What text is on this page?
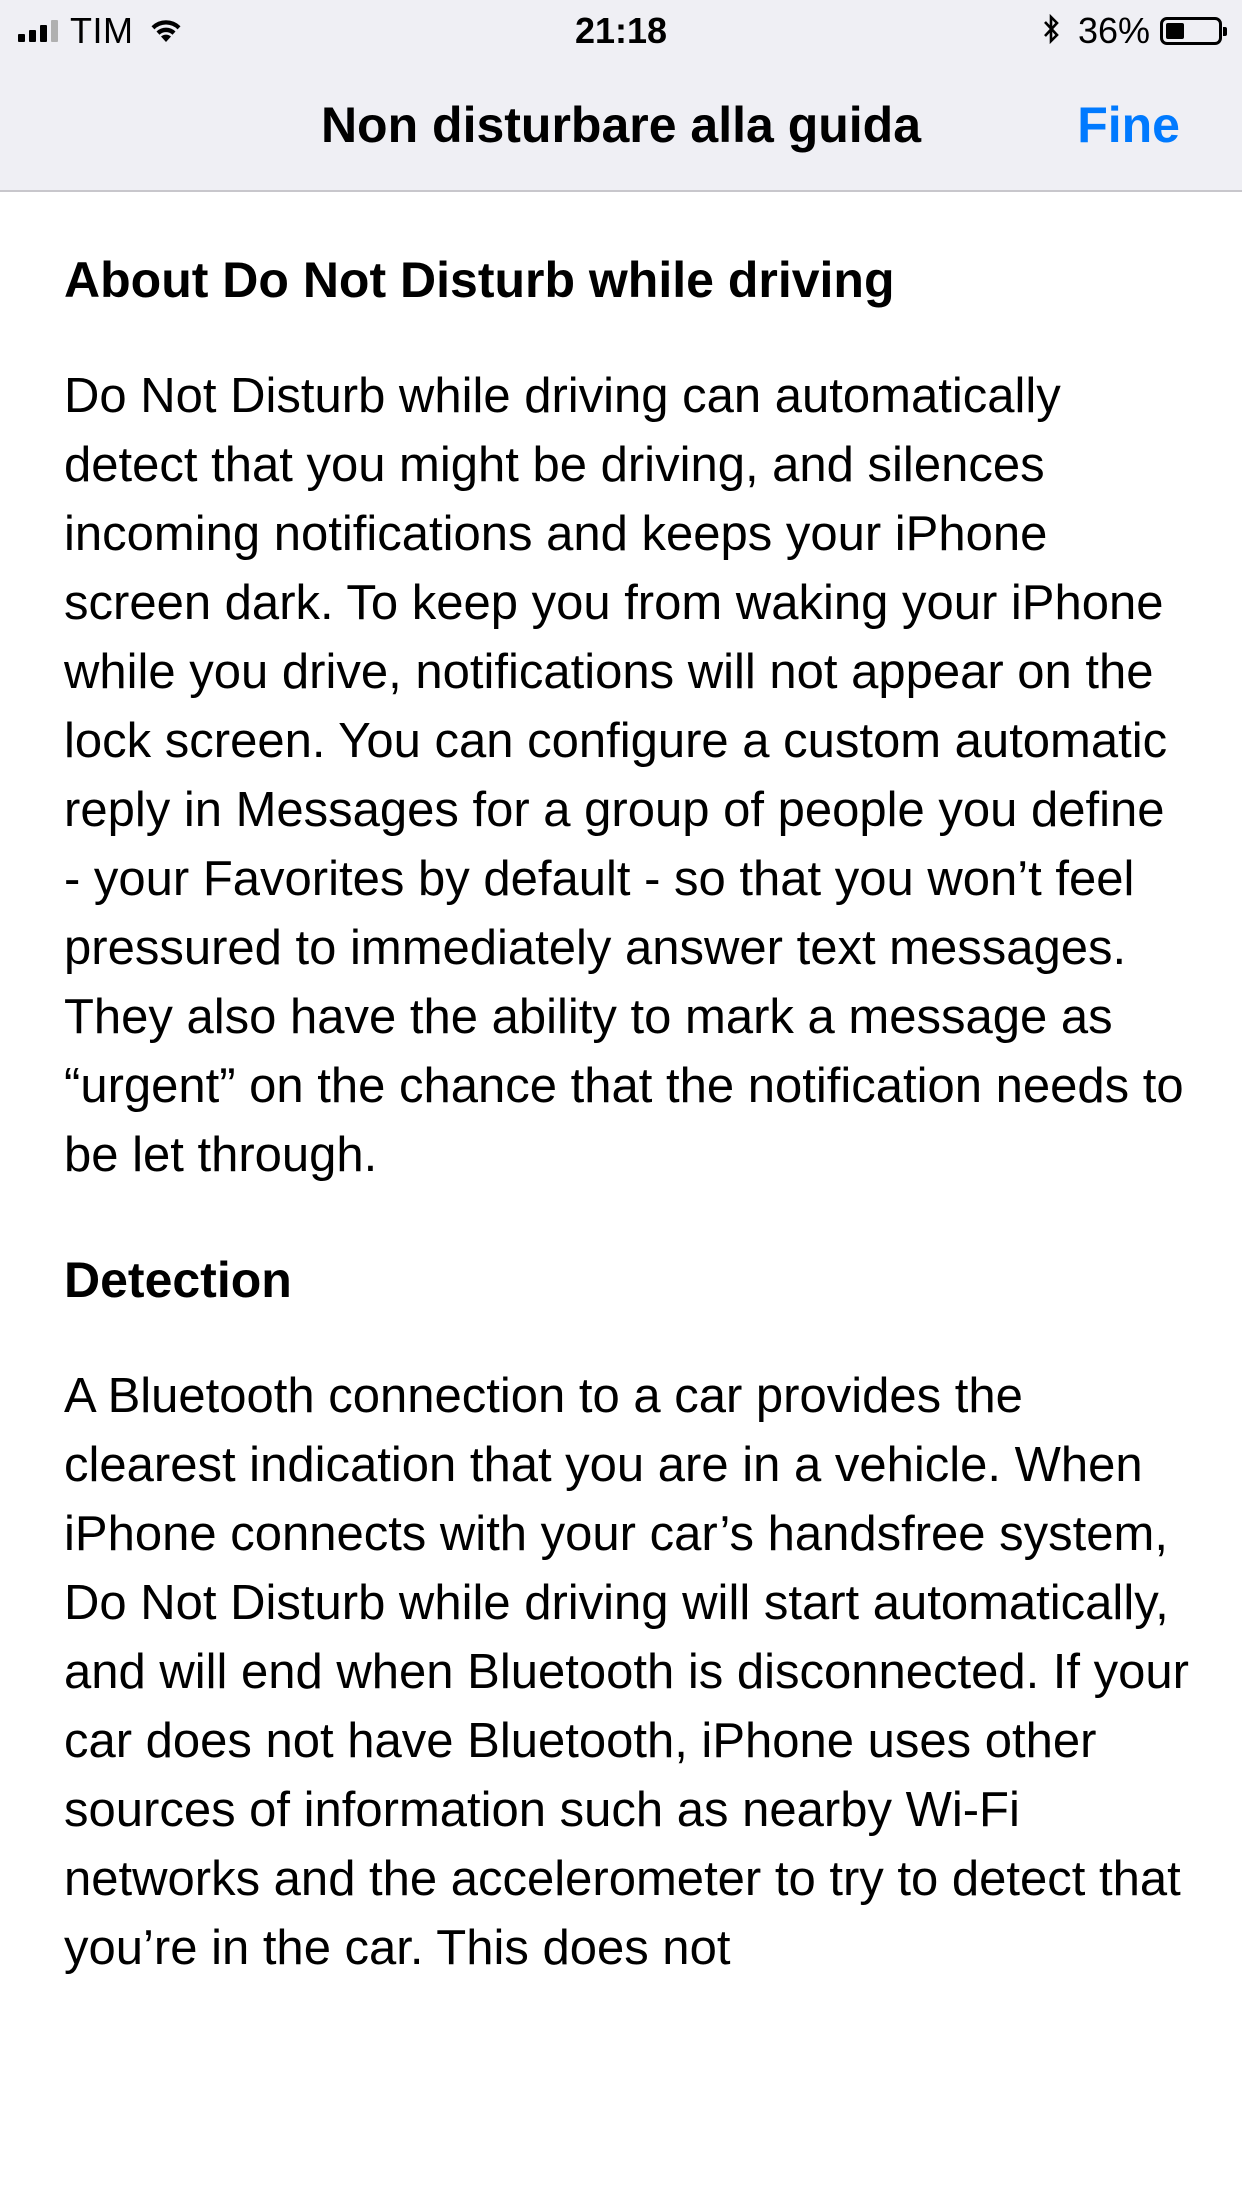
TIM	21:18	36%
Non disturbare alla guida	Fine
About Do Not Disturb while driving

Do Not Disturb while driving can automatically detect that you might be driving, and silences incoming notifications and keeps your iPhone screen dark. To keep you from waking your iPhone while you drive, notifications will not appear on the lock screen. You can configure a custom automatic reply in Messages for a group of people you define - your Favorites by default - so that you won’t feel pressured to immediately answer text messages. They also have the ability to mark a message as “urgent” on the chance that the notification needs to be let through.

Detection

A Bluetooth connection to a car provides the clearest indication that you are in a vehicle. When iPhone connects with your car’s handsfree system, Do Not Disturb while driving will start automatically, and will end when Bluetooth is disconnected. If your car does not have Bluetooth, iPhone uses other sources of information such as nearby Wi-Fi networks and the accelerometer to try to detect that you’re in the car. This does not
